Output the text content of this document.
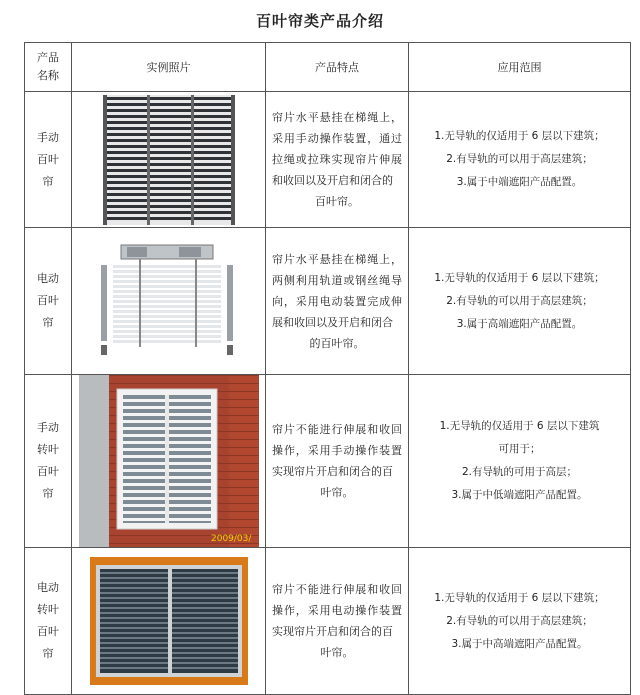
百叶帘类产品介绍
产品
名称	实例照片	产品特点	应用范围

手动
百叶
帘		帘片水平悬挂在梯绳上，采用手动操作装置，通过拉绳或拉珠实现帘片伸展和收回以及开启和闭合的
百叶帘。	1.无导轨的仅适用于 6 层以下建筑；
2.有导轨的可以用于高层建筑；
3.属于中端遮阳产品配置。

电动
百叶
帘		帘片水平悬挂在梯绳上，两侧利用轨道或钢丝绳导向，采用电动装置完成伸展和收回以及开启和闭合
的百叶帘。	1.无导轨的仅适用于 6 层以下建筑；
2.有导轨的可以用于高层建筑；
3.属于高端遮阳产品配置。

手动
转叶
百叶
帘	2009/03/	帘片不能进行伸展和收回操作，采用手动操作装置实现帘片开启和闭合的百
叶帘。	1.无导轨的仅适用于 6 层以下建筑
可用于；
2.有导轨的可用于高层；
3.属于中低端遮阳产品配置。

电动
转叶
百叶
帘		帘片不能进行伸展和收回操作，采用电动操作装置实现帘片开启和闭合的百
叶帘。	1.无导轨的仅适用于 6 层以下建筑；
2.有导轨的可以用于高层建筑；
3.属于中高端遮阳产品配置。
